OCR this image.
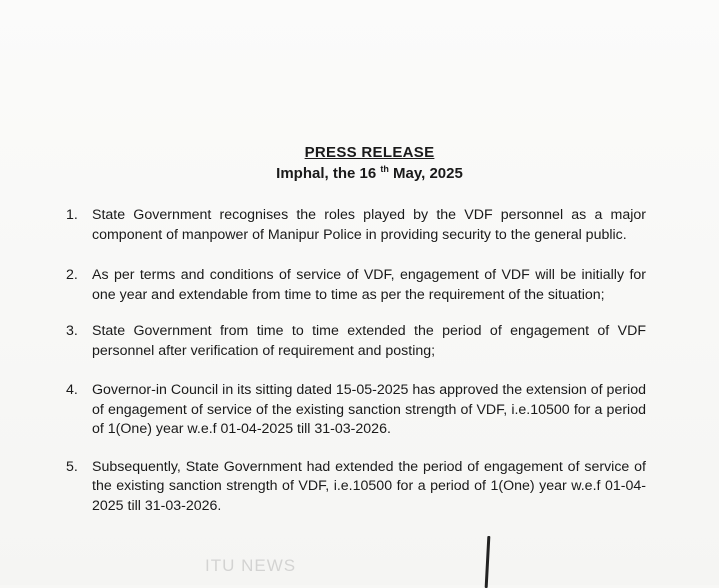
PRESS RELEASE
Imphal, the 16 $^{th}$ May, 2025
1. State Government recognises the roles played by the VDF personnel as a major component of manpower of Manipur Police in providing security to the general public.
2. As per terms and conditions of service of VDF, engagement of VDF will be initially for one year and extendable from time to time as per the requirement of the situation;
3. State Government from time to time extended the period of engagement of VDF personnel after verification of requirement and posting;
4. Governor-in Council in its sitting dated 15-05-2025 has approved the extension of period of engagement of service of the existing sanction strength of VDF, i.e.10500 for a period of 1(One) year w.e.f 01-04-2025 till 31-03-2026.
5. Subsequently, State Government had extended the period of engagement of service of the existing sanction strength of VDF, i.e.10500 for a period of 1(One) year w.e.f 01-04-2025 till 31-03-2026.
ITU NEWS
